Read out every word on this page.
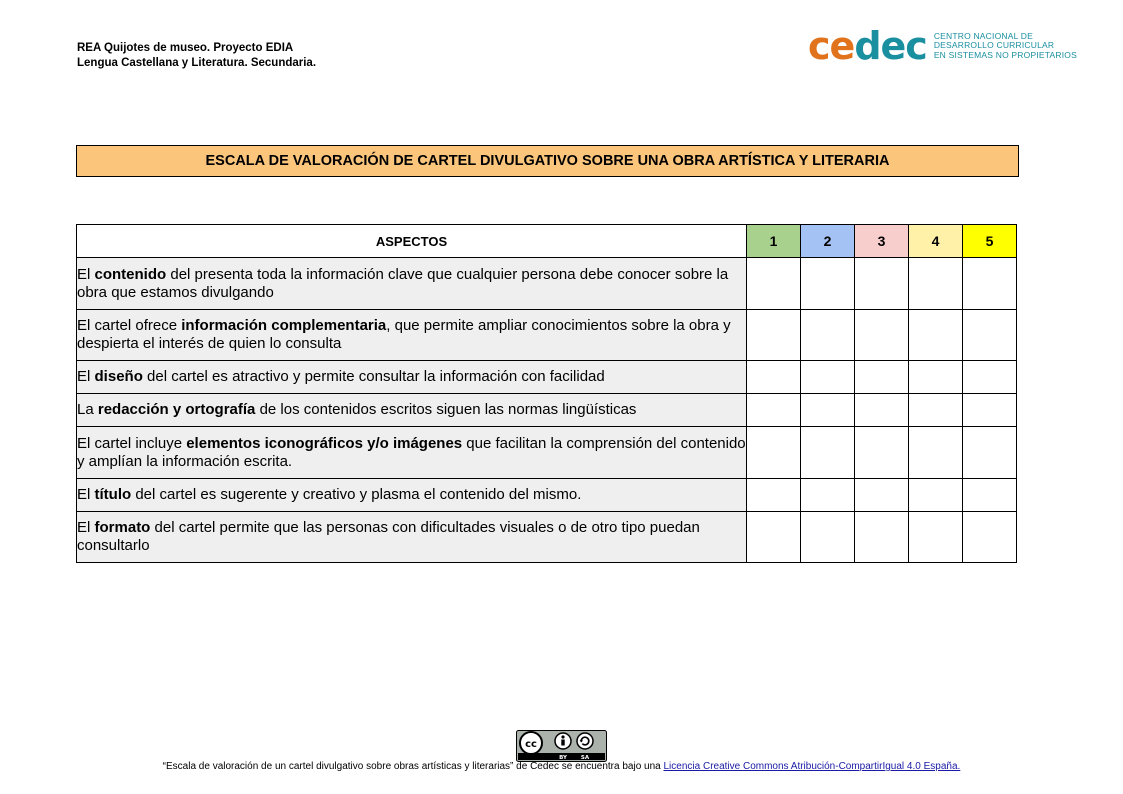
REA Quijotes de museo. Proyecto EDIA
Lengua Castellana y Literatura. Secundaria.	cedec CENTRO NACIONAL DE
DESARROLLO CURRICULAR
EN SISTEMAS NO PROPIETARIOS
ESCALA DE VALORACIÓN DE CARTEL DIVULGATIVO SOBRE UNA OBRA ARTÍSTICA Y LITERARIA
ASPECTOS	1	2	3	4	5
El contenido del presenta toda la información clave que cualquier persona debe conocer sobre la obra que estamos divulgando					
El cartel ofrece información complementaria, que permite ampliar conocimientos sobre la obra y despierta el interés de quien lo consulta					
El diseño del cartel es atractivo y permite consultar la información con facilidad					
La redacción y ortografía de los contenidos escritos siguen las normas lingüísticas					
El cartel incluye elementos iconográficos y/o imágenes que facilitan la comprensión del contenido y amplían la información escrita.					
El título del cartel es sugerente y creativo y plasma el contenido del mismo.					
El formato del cartel permite que las personas con dificultades visuales o de otro tipo puedan consultarlo					
cc
BY	SA
“Escala de valoración de un cartel divulgativo sobre obras artísticas y literarias” de Cedec se encuentra bajo una Licencia Creative Commons Atribución-CompartirIgual 4.0 España.
